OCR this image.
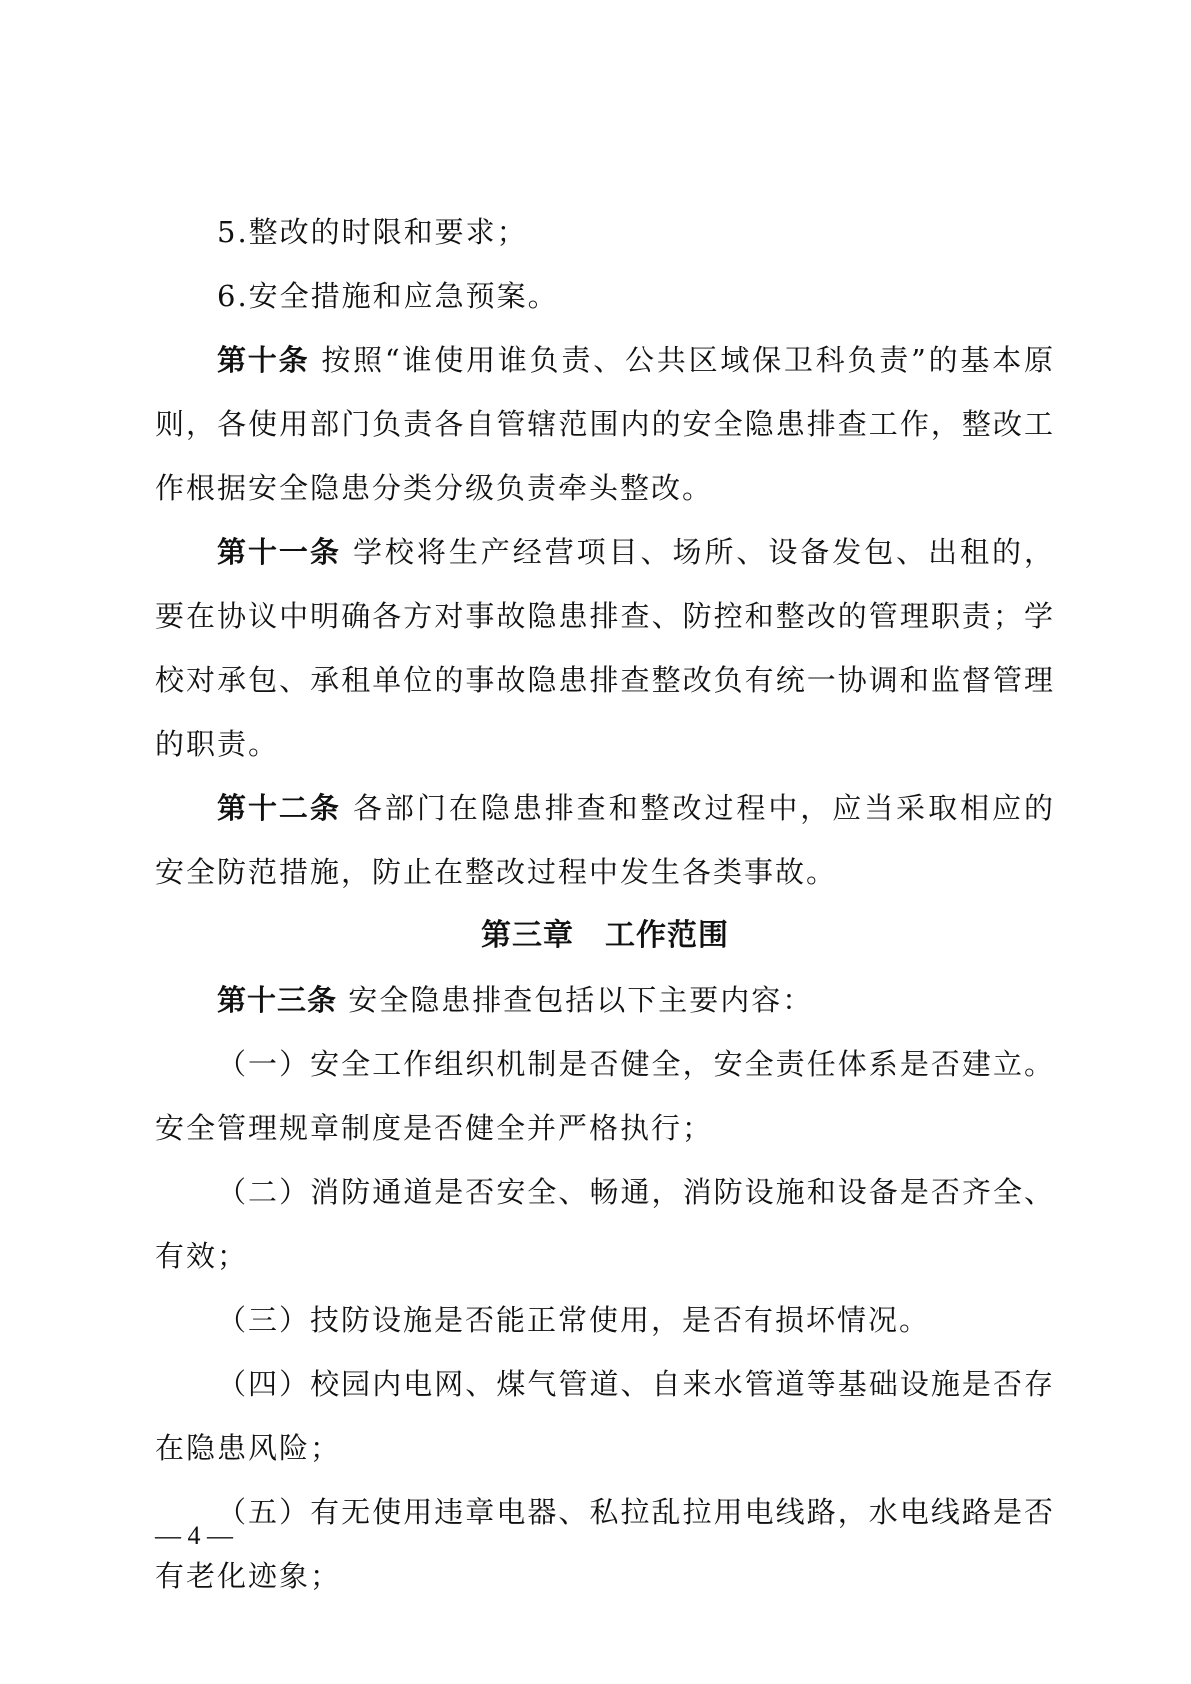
5.整改的时限和要求；

6.安全措施和应急预案。

第十条 按照“谁使用谁负责、公共区域保卫科负责”的基本原则，各使用部门负责各自管辖范围内的安全隐患排查工作，整改工作根据安全隐患分类分级负责牵头整改。

第十一条 学校将生产经营项目、场所、设备发包、出租的，要在协议中明确各方对事故隐患排查、防控和整改的管理职责；学校对承包、承租单位的事故隐患排查整改负有统一协调和监督管理的职责。

第十二条 各部门在隐患排查和整改过程中，应当采取相应的安全防范措施，防止在整改过程中发生各类事故。

第三章　工作范围

第十三条 安全隐患排查包括以下主要内容：

（一）安全工作组织机制是否健全，安全责任体系是否建立。安全管理规章制度是否健全并严格执行；

（二）消防通道是否安全、畅通，消防设施和设备是否齐全、有效；

（三）技防设施是否能正常使用，是否有损坏情况。

（四）校园内电网、煤气管道、自来水管道等基础设施是否存在隐患风险；

（五）有无使用违章电器、私拉乱拉用电线路，水电线路是否有老化迹象；

— 4 —
